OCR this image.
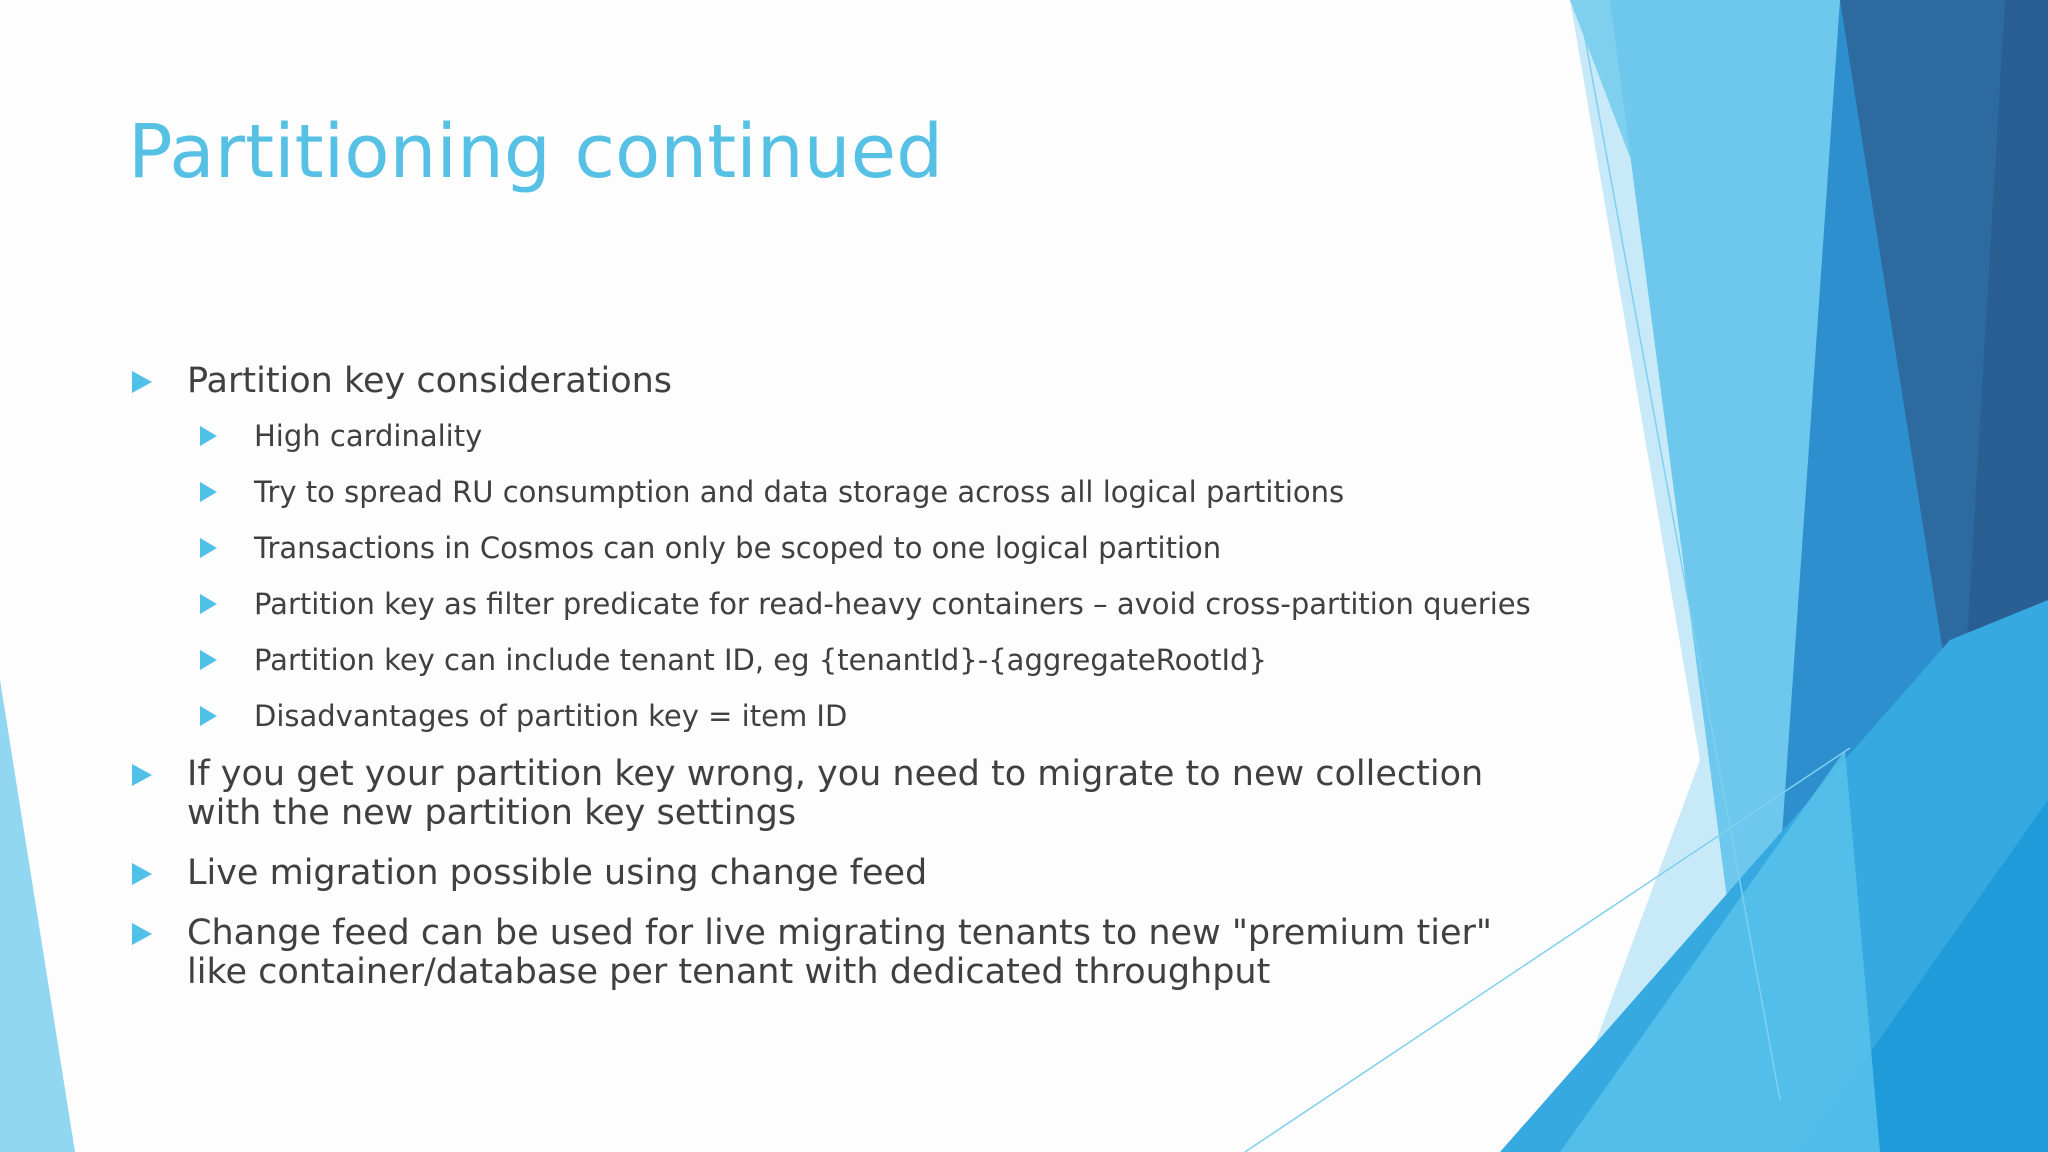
Partitioning continued
Partition key considerations
High cardinality
Try to spread RU consumption and data storage across all logical partitions
Transactions in Cosmos can only be scoped to one logical partition
Partition key as filter predicate for read-heavy containers – avoid cross-partition queries
Partition key can include tenant ID, eg {tenantId}-{aggregateRootId}
Disadvantages of partition key = item ID
If you get your partition key wrong, you need to migrate to new collection with the new partition key settings
Live migration possible using change feed
Change feed can be used for live migrating tenants to new "premium tier" like container/database per tenant with dedicated throughput
